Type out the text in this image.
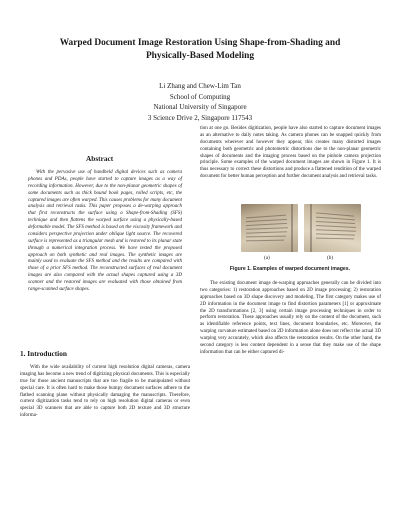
Warped Document Image Restoration Using Shape-from-Shading and
Physically-Based Modeling
Li Zhang and Chew-Lim Tan
School of Computing
National University of Singapore
3 Science Drive 2, Singapore 117543
Abstract

With the pervasive use of handheld digital devices such as camera phones and PDAs, people have started to capture images as a way of recording information. However, due to the non-planar geometric shapes of some documents such as thick bound book pages, rolled scripts, etc, the captured images are often warped. This causes problems for many document analysis and retrieval tasks. This paper proposes a de-warping approach that first reconstructs the surface using a Shape-from-Shading (SFS) technique and then flattens the warped surface using a physically-based deformable model. The SFS method is based on the viscosity framework and considers perspective projection under oblique light source. The recovered surface is represented as a triangular mesh and is restored to its planar state through a numerical integration process. We have tested the proposed approach on both synthetic and real images. The synthetic images are mainly used to evaluate the SFS method and the results are compared with those of a prior SFS method. The reconstructed surfaces of real document images are also compared with the actual shapes captured using a 3D scanner and the restored images are evaluated with those obtained from range-scanned surface shapes.

1. Introduction

With the wide availability of current high resolution digital cameras, camera imaging has become a new trend of digitizing physical documents. This is especially true for those ancient manuscripts that are too fragile to be manipulated without special care. It is often hard to make those bumpy document surfaces adhere to the flatbed scanning plane without physically damaging the manuscripts. Therefore, current digitization tasks tend to rely on high resolution digital cameras or even special 3D scanners that are able to capture both 2D texture and 3D structure informa-

tion at one go. Besides digitization, people have also started to capture document images as an alternative to daily notes taking. As camera phones can be snapped quickly from documents wherever and however they appear, this creates many distorted images containing both geometric and photometric distortions due to the non-planar geometric shapes of documents and the imaging process based on the pinhole camera projection principle. Some examples of the warped document images are shown in Figure 1. It is thus necessary to correct these distortions and produce a flattened rendition of the warped document for better human perception and further document analysis and retrieval tasks.

The existing document image de-warping approaches generally can be divided into two categories: 1) restoration approaches based on 2D image processing; 2) restoration approaches based on 3D shape discovery and modeling. The first category makes use of 2D information in the document image to find distortion parameters [1] or approximate the 2D transformations [2, 3] using certain image processing techniques in order to perform restoration. These approaches usually rely on the content of the document, such as identifiable reference points, text lines, document boundaries, etc. Moreover, the warping curvature estimated based on 2D information alone does not reflect the actual 3D warping very accurately, which also affects the restoration results. On the other hand, the second category is less content dependent in a sense that they make use of the shape information that can be either captured di-

(a)	(b)
Figure 1. Examples of warped document images.
